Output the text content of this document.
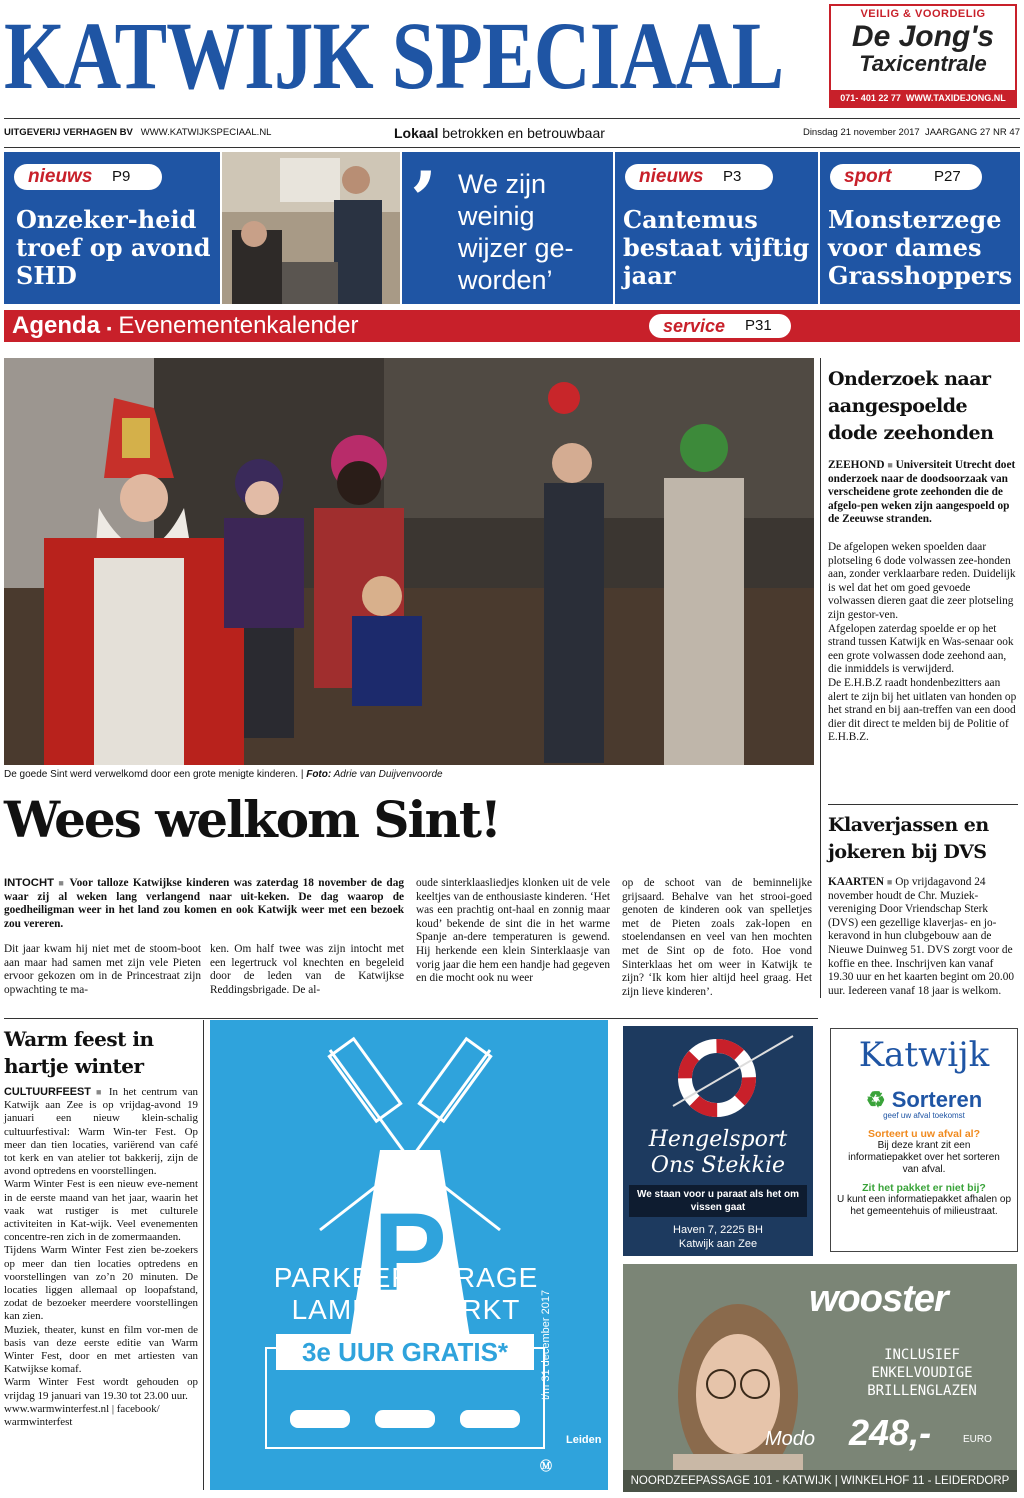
KATWIJK SPECIAAL	VEILIG & VOORDELIG
De Jong's
Taxicentrale
071- 401 22 77 WWW.TAXIDEJONG.NL
UITGEVERIJ VERHAGEN BV WWW.KATWIJKSPECIAAL.NL	Lokaal betrokken en betrouwbaar	Dinsdag 21 november 2017 JAARGANG 27 NR 47
nieuws P9
Onzeker-heid troef op avond SHD
’ We zijn weinig wijzer ge-worden’
nieuws P3
Cantemus bestaat vijftig jaar
sport	P27
Monsterzege voor dames Grasshoppers
Agenda ▪ Evenementenkalender	service P31
De goede Sint werd verwelkomd door een grote menigte kinderen. | Foto: Adrie van Duijvenvoorde
Wees welkom Sint!
INTOCHT ■ Voor talloze Katwijkse kinderen was zaterdag 18 november de dag waar zij al weken lang verlangend naar uit-keken. De dag waarop de goedheiligman weer in het land zou komen en ook Katwijk weer met een bezoek zou vereren.
Dit jaar kwam hij niet met de stoom-boot aan maar had samen met zijn vele Pieten ervoor gekozen om in de Princestraat zijn opwachting te ma-
ken. Om half twee was zijn intocht met een legertruck vol knechten en begeleid door de leden van de Katwijkse Reddingsbrigade. De al-
oude sinterklaasliedjes klonken uit de vele keeltjes van de enthousiaste kinderen. ‘Het was een prachtig ont-haal en zonnig maar koud’ bekende de sint die in het warme Spanje an-dere temperaturen is gewend. Hij herkende een klein Sinterklaasje van vorig jaar die hem een handje had gegeven en die mocht ook nu weer
op de schoot van de beminnelijke grijsaard. Behalve van het strooi-goed genoten de kinderen ook van spelletjes met de Pieten zoals zak-lopen en stoelendansen en veel van hen mochten met de Sint op de foto. Hoe vond Sinterklaas het om weer in Katwijk te zijn? ‘Ik kom hier altijd heel graag. Het zijn lieve kinderen’.
Onderzoek naar aangespoelde dode zeehonden

ZEEHOND ■ Universiteit Utrecht doet onderzoek naar de doodsoorzaak van verscheidene grote zeehonden die de afgelo-pen weken zijn aangespoeld op de Zeeuwse stranden.

De afgelopen weken spoelden daar plotseling 6 dode volwassen zee-honden aan, zonder verklaarbare reden. Duidelijk is wel dat het om goed gevoede volwassen dieren gaat die zeer plotseling zijn gestor-ven.

Afgelopen zaterdag spoelde er op het strand tussen Katwijk en Was-senaar ook een grote volwassen dode zeehond aan, die inmiddels is verwijderd.

De E.H.B.Z raadt hondenbezitters aan alert te zijn bij het uitlaten van honden op het strand en bij aan-treffen van een dood dier dit direct te melden bij de Politie of E.H.B.Z.

Klaverjassen en jokeren bij DVS

KAARTEN ■ Op vrijdagavond 24 november houdt de Chr. Muziek-vereniging Door Vriendschap Sterk (DVS) een gezellige klaverjas- en jo-keravond in hun clubgebouw aan de Nieuwe Duinweg 51. DVS zorgt voor de koffie en thee. Inschrijven kan vanaf 19.30 uur en het kaarten begint om 20.00 uur. Iedereen vanaf 18 jaar is welkom.

Warm feest in hartje winter

CULTUURFEEST ■ In het centrum van Katwijk aan Zee is op vrijdag-avond 19 januari een nieuw klein-schalig cultuurfestival: Warm Win-ter Fest. Op meer dan tien locaties, variërend van café tot kerk en van atelier tot bakkerij, zijn de avond optredens en voorstellingen.

Warm Winter Fest is een nieuw eve-nement in de eerste maand van het jaar, waarin het vaak wat rustiger is met culturele activiteiten in Kat-wijk. Veel evenementen concentre-ren zich in de zomermaanden.

Tijdens Warm Winter Fest zien be-zoekers op meer dan tien locaties optredens en voorstellingen van zo’n 20 minuten. De locaties liggen allemaal op loopafstand, zodat de bezoeker meerdere voorstellingen kan zien.

Muziek, theater, kunst en film vor-men de basis van deze eerste editie van Warm Winter Fest, door en met artiesten van Katwijkse komaf.

Warm Winter Fest wordt gehouden op vrijdag 19 januari van 19.30 tot 23.00 uur.

www.warmwinterfest.nl | facebook/ warmwinterfest

P
Ⓜ
PARKEERGARAGE
LAMMERMARKT
3e UUR GRATIS*	t/m 31 december 2017
Leiden
Hengelsport
Ons Stekkie
We staan voor u paraat als het om vissen gaat
Haven 7, 2225 BH
Katwijk aan Zee
Katwijk
♻ Sorteren
geef uw afval toekomst
Sorteert u uw afval al?
Bij deze krant zit een informatiepakket over het sorteren van afval.
Zit het pakket er niet bij?
U kunt een informatiepakket afhalen op het gemeentehuis of milieustraat.
wooster
INCLUSIEF ENKELVOUDIGE BRILLENGLAZEN
Modo 248,-	EURO
NOORDZEEPASSAGE 101 - KATWIJK | WINKELHOF 11 - LEIDERDORP
